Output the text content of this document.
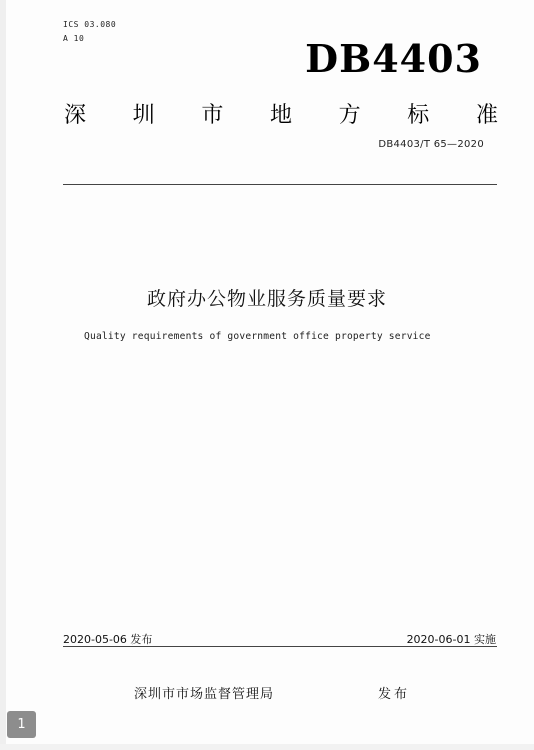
ICS 03.080
A 10	DB4403
深 圳 市 地 方 标 准
DB4403/T 65—2020
政府办公物业服务质量要求
Quality requirements of government office property service
2020-05-06 发布	2020-06-01 实施
深圳市市场监督管理局	发布
1
